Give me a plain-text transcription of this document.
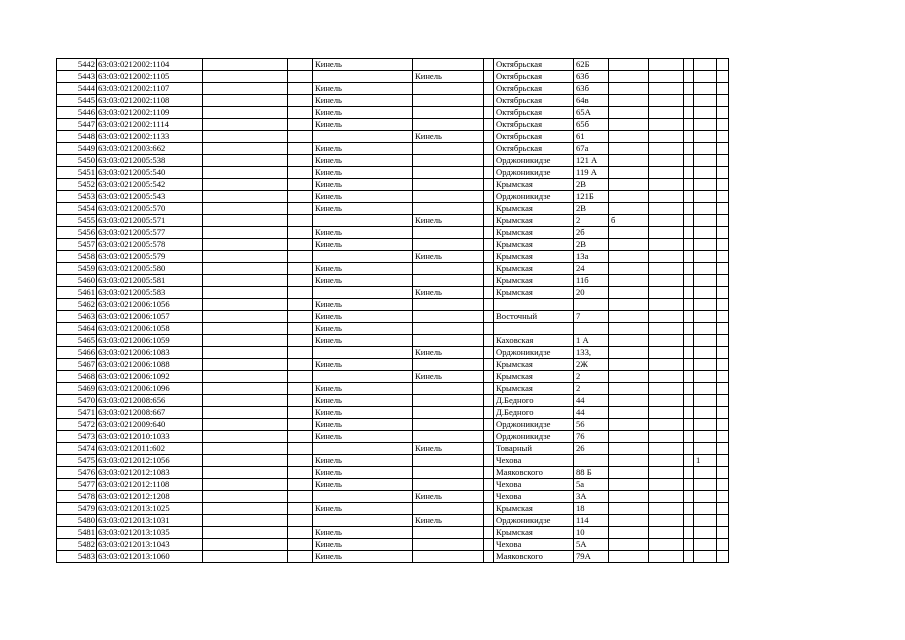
5442	63:03:0212002:1104			Кинель			Октябрьская	62Б					
5443	63:03:0212002:1105				Кинель		Октябрьская	63б					
5444	63:03:0212002:1107			Кинель			Октябрьская	63б					
5445	63:03:0212002:1108			Кинель			Октябрьская	64в					
5446	63:03:0212002:1109			Кинель			Октябрьская	65А					
5447	63:03:0212002:1114			Кинель			Октябрьская	65б					
5448	63:03:0212002:1133				Кинель		Октябрьская	61					
5449	63:03:0212003:662			Кинель			Октябрьская	67а					
5450	63:03:0212005:538			Кинель			Орджоникидзе	121 А					
5451	63:03:0212005:540			Кинель			Орджоникидзе	119 А					
5452	63:03:0212005:542			Кинель			Крымская	2В					
5453	63:03:0212005:543			Кинель			Орджоникидзе	121Б					
5454	63:03:0212005:570			Кинель			Крымская	2В					
5455	63:03:0212005:571				Кинель		Крымская	2	б				
5456	63:03:0212005:577			Кинель			Крымская	2б					
5457	63:03:0212005:578			Кинель			Крымская	2В					
5458	63:03:0212005:579				Кинель		Крымская	13а					
5459	63:03:0212005:580			Кинель			Крымская	24					
5460	63:03:0212005:581			Кинель			Крымская	11б					
5461	63:03:0212005:583				Кинель		Крымская	20					
5462	63:03:0212006:1056			Кинель									
5463	63:03:0212006:1057			Кинель			Восточный	7					
5464	63:03:0212006:1058			Кинель									
5465	63:03:0212006:1059			Кинель			Каховская	1 А					
5466	63:03:0212006:1083				Кинель		Орджоникидзе	133,					
5467	63:03:0212006:1088			Кинель			Крымская	2Ж					
5468	63:03:0212006:1092				Кинель		Крымская	2					
5469	63:03:0212006:1096			Кинель			Крымская	2					
5470	63:03:0212008:656			Кинель			Д.Бедного	44					
5471	63:03:0212008:667			Кинель			Д.Бедного	44					
5472	63:03:0212009:640			Кинель			Орджоникидзе	56					
5473	63:03:0212010:1033			Кинель			Орджоникидзе	76					
5474	63:03:0212011:602				Кинель		Товарный	26					
5475	63:03:0212012:1056			Кинель			Чехова					1	
5476	63:03:0212012:1083			Кинель			Маяковского	88 Б					
5477	63:03:0212012:1108			Кинель			Чехова	5а					
5478	63:03:0212012:1208				Кинель		Чехова	3А					
5479	63:03:0212013:1025			Кинель			Крымская	18					
5480	63:03:0212013:1031				Кинель		Орджоникидзе	114					
5481	63:03:0212013:1035			Кинель			Крымская	10					
5482	63:03:0212013:1043			Кинель			Чехова	5А					
5483	63:03:0212013:1060			Кинель			Маяковского	79А					
